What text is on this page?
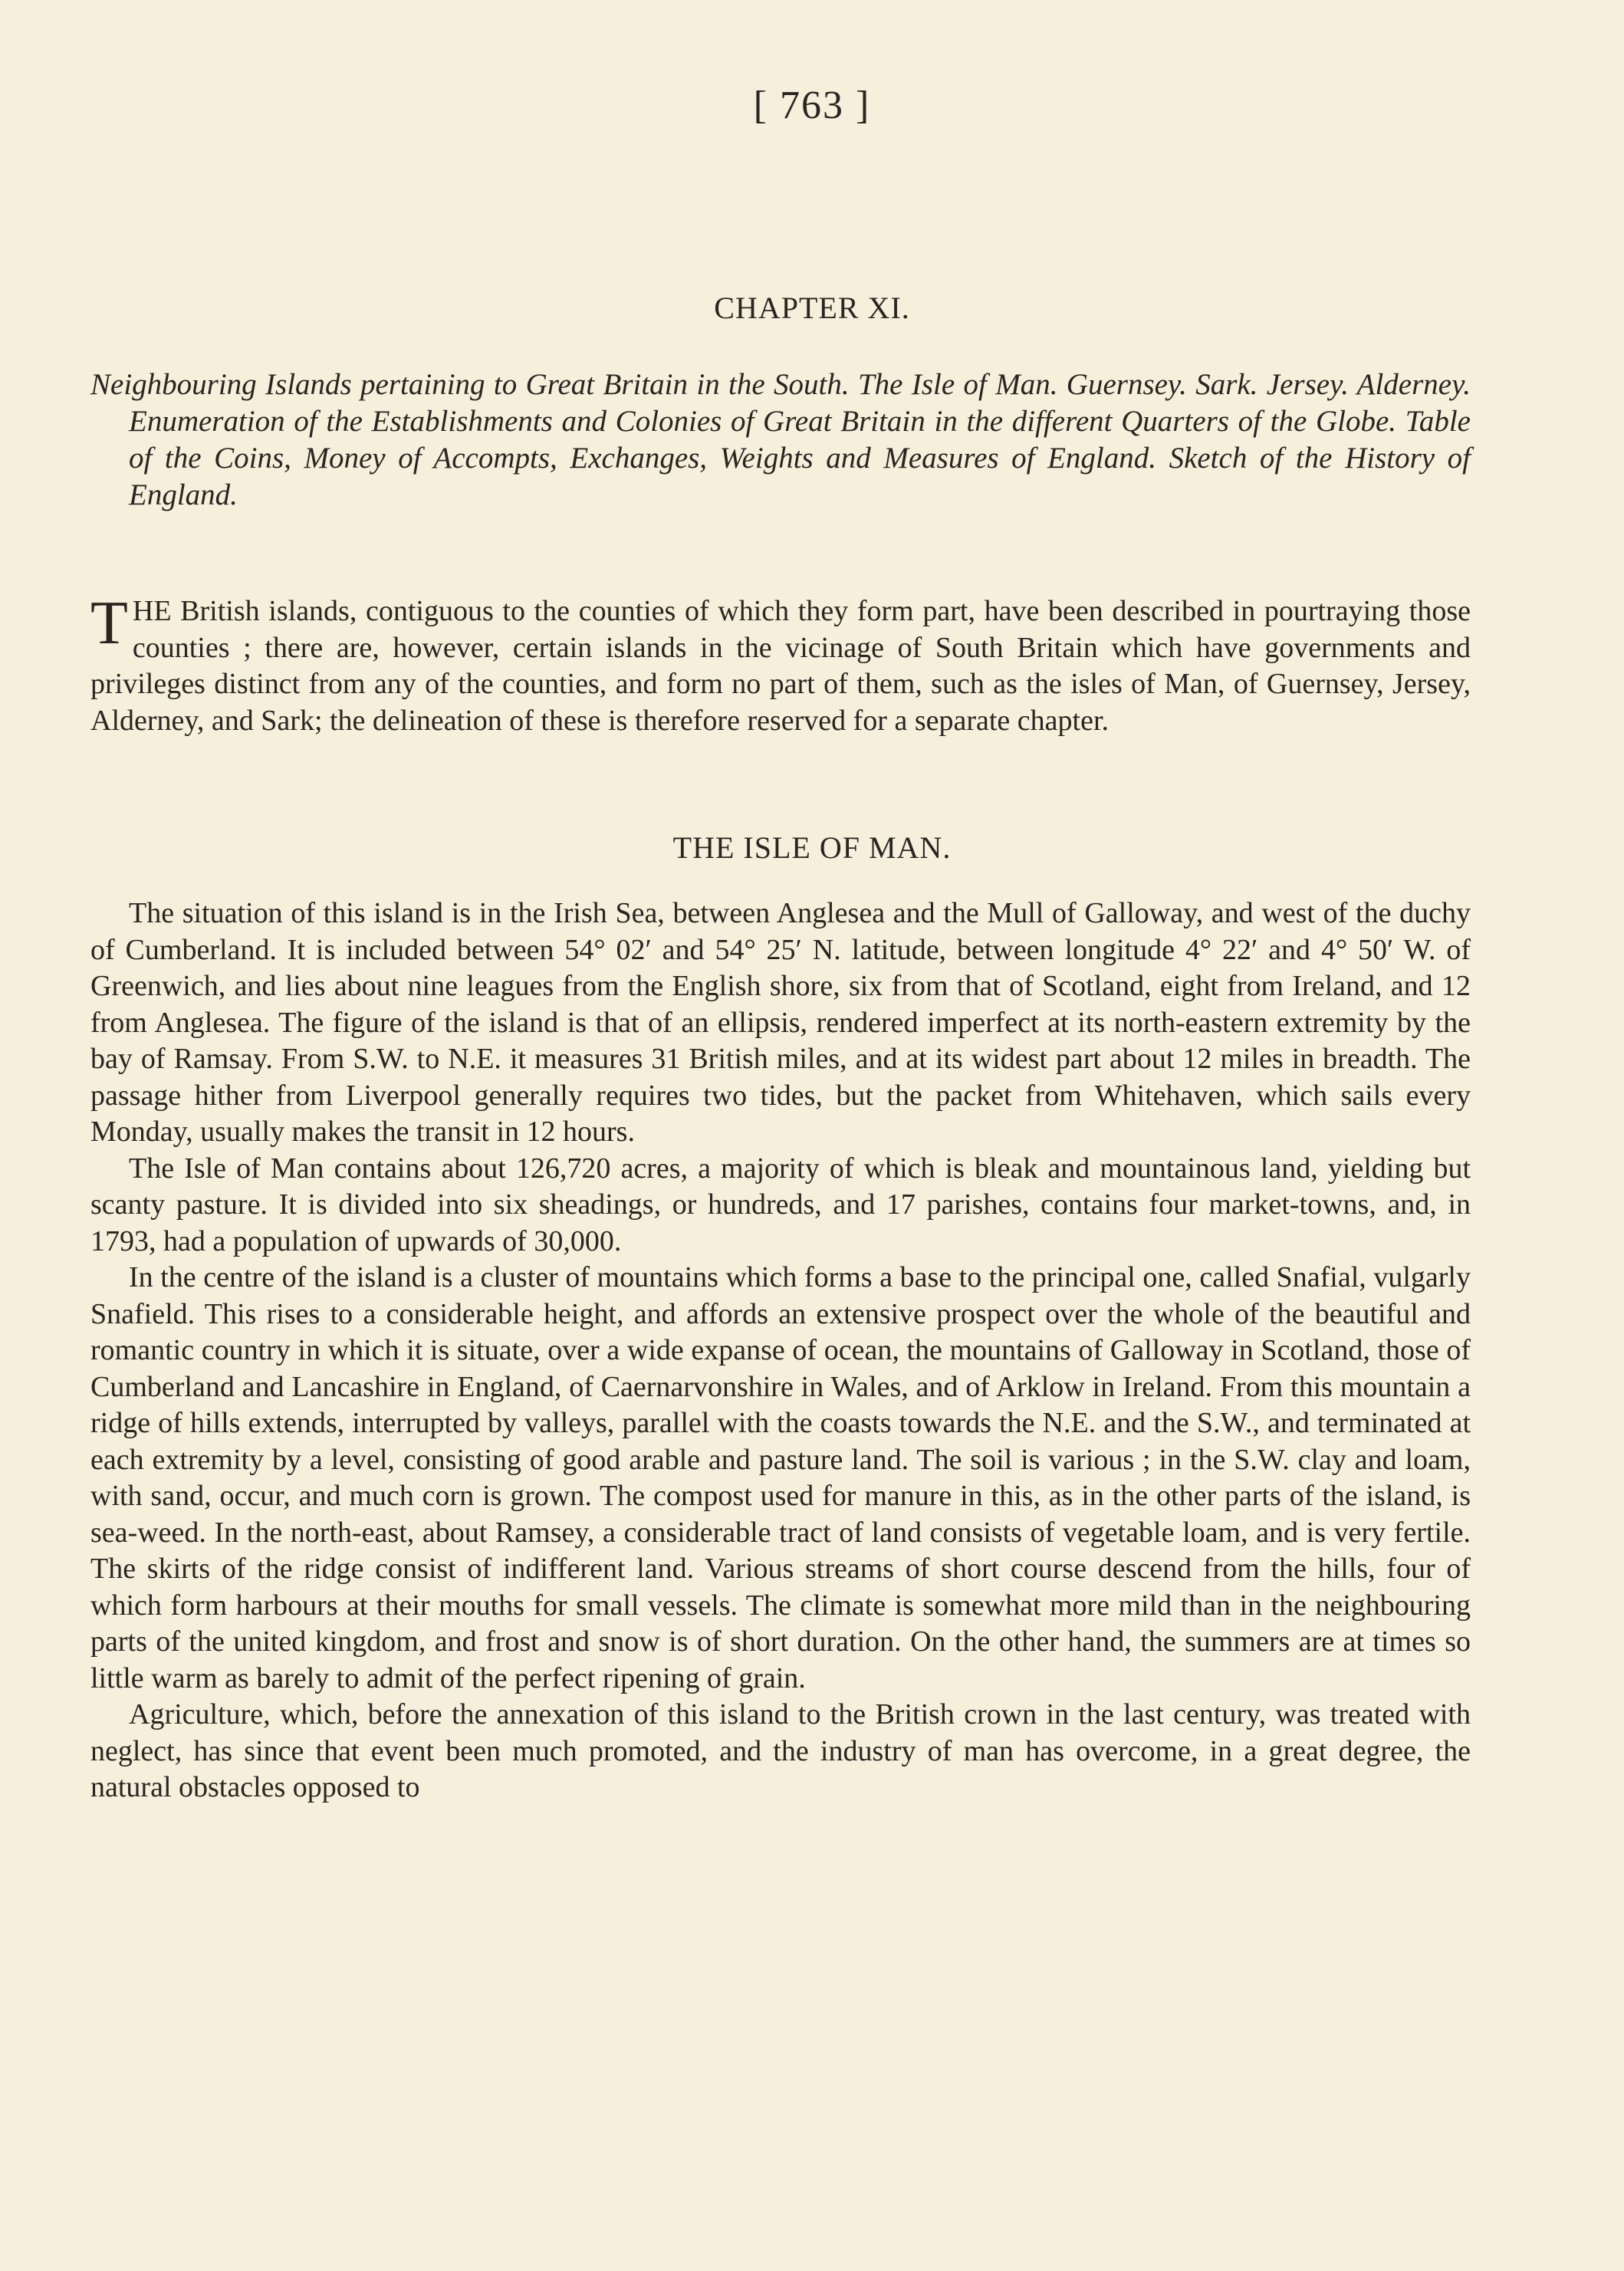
[ 763 ]
CHAPTER XI.
Neighbouring Islands pertaining to Great Britain in the South. The Isle of Man. Guernsey. Sark. Jersey. Alderney. Enumeration of the Establishments and Colonies of Great Britain in the different Quarters of the Globe. Table of the Coins, Money of Accompts, Exchanges, Weights and Measures of England. Sketch of the History of England.

THE British islands, contiguous to the counties of which they form part, have been described in pourtraying those counties ; there are, however, certain islands in the vicinage of South Britain which have governments and privileges distinct from any of the counties, and form no part of them, such as the isles of Man, of Guernsey, Jersey, Alderney, and Sark; the delineation of these is therefore reserved for a separate chapter.

THE ISLE OF MAN.

The situation of this island is in the Irish Sea, between Anglesea and the Mull of Galloway, and west of the duchy of Cumberland. It is included between 54° 02′ and 54° 25′ N. latitude, between longitude 4° 22′ and 4° 50′ W. of Greenwich, and lies about nine leagues from the English shore, six from that of Scotland, eight from Ireland, and 12 from Anglesea. The figure of the island is that of an ellipsis, rendered imperfect at its north-eastern extremity by the bay of Ramsay. From S.W. to N.E. it measures 31 British miles, and at its widest part about 12 miles in breadth. The passage hither from Liverpool generally requires two tides, but the packet from Whitehaven, which sails every Monday, usually makes the transit in 12 hours.

The Isle of Man contains about 126,720 acres, a majority of which is bleak and mountainous land, yielding but scanty pasture. It is divided into six sheadings, or hundreds, and 17 parishes, contains four market-towns, and, in 1793, had a population of upwards of 30,000.

In the centre of the island is a cluster of mountains which forms a base to the principal one, called Snafial, vulgarly Snafield. This rises to a considerable height, and affords an extensive prospect over the whole of the beautiful and romantic country in which it is situate, over a wide expanse of ocean, the mountains of Galloway in Scotland, those of Cumberland and Lancashire in England, of Caernarvonshire in Wales, and of Arklow in Ireland. From this mountain a ridge of hills extends, interrupted by valleys, parallel with the coasts towards the N.E. and the S.W., and terminated at each extremity by a level, consisting of good arable and pasture land. The soil is various ; in the S.W. clay and loam, with sand, occur, and much corn is grown. The compost used for manure in this, as in the other parts of the island, is sea-weed. In the north-east, about Ramsey, a considerable tract of land consists of vegetable loam, and is very fertile. The skirts of the ridge consist of indifferent land. Various streams of short course descend from the hills, four of which form harbours at their mouths for small vessels. The climate is somewhat more mild than in the neighbouring parts of the united kingdom, and frost and snow is of short duration. On the other hand, the summers are at times so little warm as barely to admit of the perfect ripening of grain.

Agriculture, which, before the annexation of this island to the British crown in the last century, was treated with neglect, has since that event been much promoted, and the industry of man has overcome, in a great degree, the natural obstacles opposed to
